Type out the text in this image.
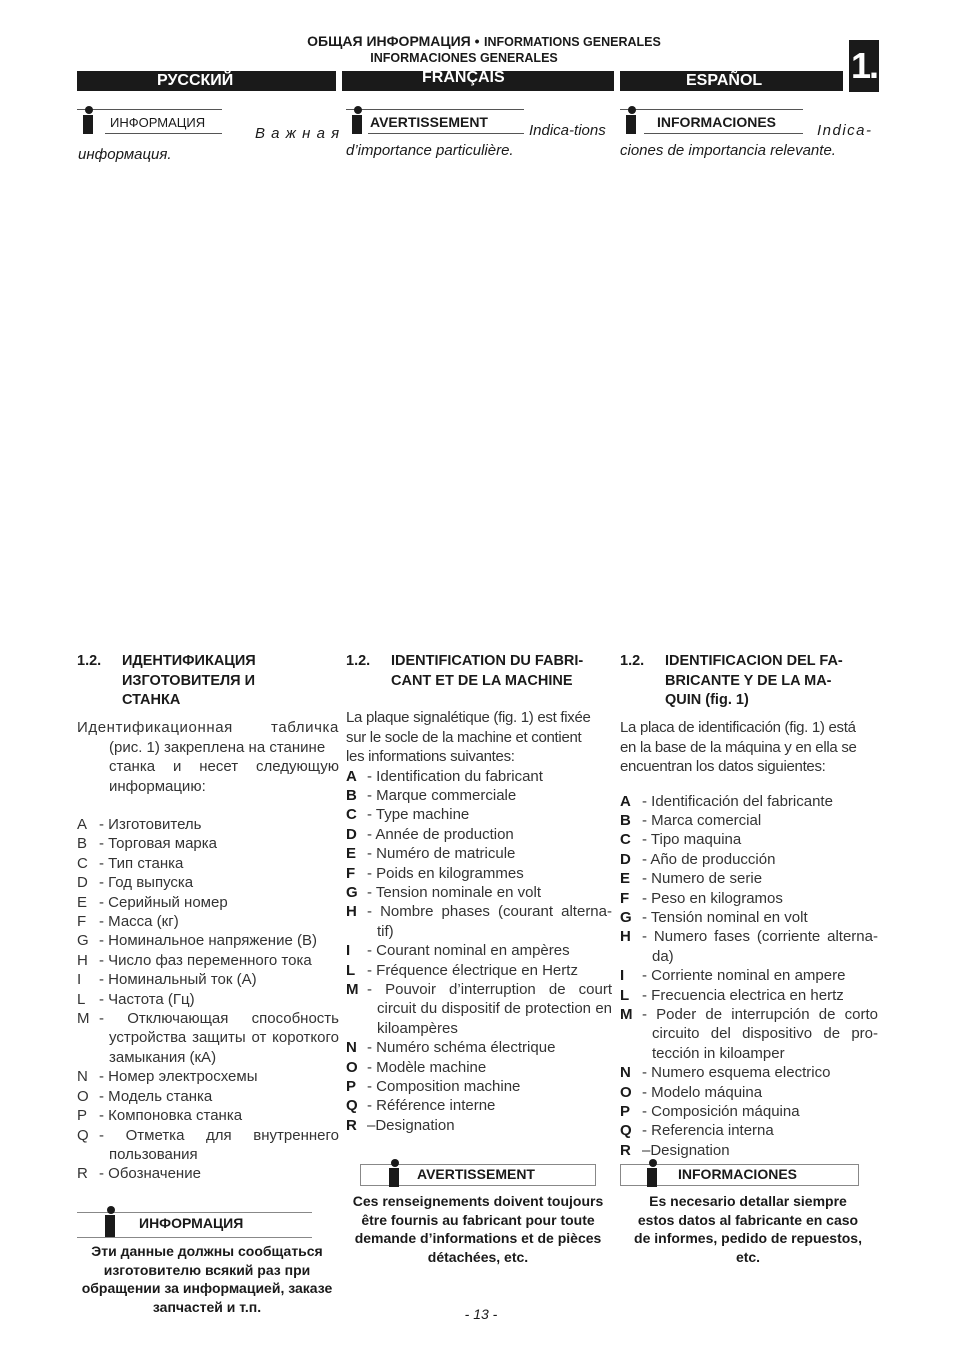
ОБЩАЯ ИНФОРМАЦИЯ • INFORMATIONS GENERALES
INFORMACIONES GENERALES	1.
РУССКИЙ	FRANÇAIS	ESPAÑOL
ИНФОРМАЦИЯ
В а ж н а я
информация.
AVERTISSEMENT	Indica-tions
d’importance particulière.
INFORMACIONES	Indica-
ciones de importancia relevante.
1.2. ИДЕНТИФИКАЦИЯ
ИЗГОТОВИТЕЛЯ И
СТАНКА
Идентификационная табличка
(рис. 1) закреплена на станине
станка и несет следующую
информацию:
A - Изготовитель
B - Торговая марка
C - Тип станка
D - Год выпуска
E - Серийный номер
F - Масса (кг)
G - Номинальное напряжение (В)
H - Число фаз переменного тока
I - Номинальный ток (А)
L - Частота (Гц)
M - Отключающая способность устройства защиты от короткого замыкания (кА)
N - Номер электросхемы
O - Модель станка
P - Компоновка станка
Q - Отметка для внутреннего пользования
R - Обозначение
ИНФОРМАЦИЯ
Эти данные должны сообщаться
изготовителю всякий раз при
обращении за информацией, заказе
запчастей и т.п.
1.2. IDENTIFICATION DU FABRI-
CANT ET DE LA MACHINE
La plaque signalétique (fig. 1) est fixée
sur le socle de la machine et contient
les informations suivantes:
A - Identification du fabricant
B - Marque commerciale
C - Type machine
D - Année de production
E - Numéro de matricule
F - Poids en kilogrammes
G - Tension nominale en volt
H - Nombre phases (courant alterna-tif)
I - Courant nominal en ampères
L - Fréquence électrique en Hertz
M - Pouvoir d’interruption de court circuit du dispositif de protection en kiloampères
N - Numéro schéma électrique
O - Modèle machine
P - Composition machine
Q - Référence interne
R –Designation
AVERTISSEMENT
Ces renseignements doivent toujours
être fournis au fabricant pour toute
demande d’informations et de pièces
détachées, etc.
1.2. IDENTIFICACION DEL FA-
BRICANTE Y DE LA MA-
QUIN (fig. 1)
La placa de identificación (fig. 1) está
en la base de la máquina y en ella se
encuentran los datos siguientes:
A - Identificación del fabricante
B - Marca comercial
C - Tipo maquina
D - Año de producción
E - Numero de serie
F - Peso en kilogramos
G - Tensión nominal en volt
H - Numero fases (corriente alterna-da)
I - Corriente nominal en ampere
L - Frecuencia electrica en hertz
M - Poder de interrupción de corto circuito del dispositivo de pro-tección in kiloamper
N - Numero esquema electrico
O - Modelo máquina
P - Composición máquina
Q - Referencia interna
R –Designation
INFORMACIONES
Es necesario detallar siempre
estos datos al fabricante en caso
de informes, pedido de repuestos,
etc.
- 13 -
